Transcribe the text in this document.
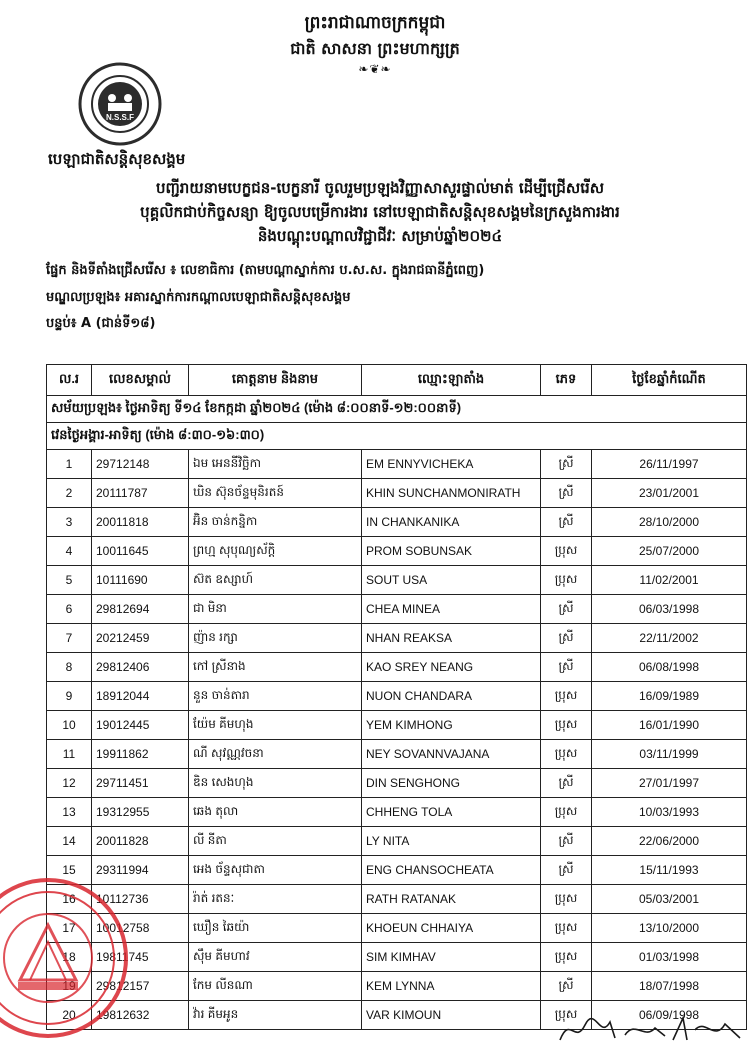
ព្រះរាជាណាចក្រកម្ពុជា
ជាតិ សាសនា ព្រះមហាក្សត្រ
❧❦❧
N.S.S.F
បេឡាជាតិសន្តិសុខសង្គម
បញ្ជីរាយនាមបេក្ខជន-បេក្ខនារី ចូលរួមប្រឡងវិញ្ញាសាសួរផ្ទាល់មាត់ ដើម្បីជ្រើសរើស
បុគ្គលិកជាប់កិច្ចសន្យា ឱ្យចូលបម្រើការងារ នៅបេឡាជាតិសន្តិសុខសង្គមនៃក្រសួងការងារ
និងបណ្តុះបណ្តាលវិជ្ជាជីវៈ សម្រាប់ឆ្នាំ២០២៤
ផ្នែក និងទីតាំងជ្រើសរើស ៖ លេខាធិការ (តាមបណ្តាស្នាក់ការ ប.ស.ស. ក្នុងរាជធានីភ្នំពេញ)
មណ្ឌលប្រឡង៖ អគារស្នាក់ការកណ្តាលបេឡាជាតិសន្តិសុខសង្គម
បន្ទប់៖ A (ជាន់ទី១៨)
ល.រ	លេខសម្គាល់	គោត្តនាម និងនាម	ឈ្មោះឡាតាំង	ភេទ	ថ្ងៃខែឆ្នាំកំណើត
សម័យប្រឡង៖ ថ្ងៃអាទិត្យ ទី១៤ ខែកក្កដា ឆ្នាំ២០២៤ (ម៉ោង ៨:០០នាទី-១២:០០នាទី)					
វេនថ្ងៃអង្គារ-អាទិត្យ (ម៉ោង ៨:៣០-១៦:៣០)					
1	29712148	ឯម អេននីវិច្ឆិកា	EM ENNYVICHEKA	ស្រី	26/11/1997
2	20111787	ឃិន ស៊ុនច័ន្ទមុនិរតន៍	KHIN SUNCHANMONIRATH	ស្រី	23/01/2001
3	20011818	អ៊ិន ចាន់កន្និកា	IN CHANKANIKA	ស្រី	28/10/2000
4	10011645	ព្រហ្ម សុបុណ្យស័ក្តិ	PROM SOBUNSAK	ប្រុស	25/07/2000
5	10111690	ស៊ត ឧស្សាហ៍	SOUT USA	ប្រុស	11/02/2001
6	29812694	ជា មិនា	CHEA MINEA	ស្រី	06/03/1998
7	20212459	ញ៉ាន រក្សា	NHAN REAKSA	ស្រី	22/11/2002
8	29812406	កៅ ស្រីនាង	KAO SREY NEANG	ស្រី	06/08/1998
9	18912044	នួន ចាន់តារា	NUON CHANDARA	ប្រុស	16/09/1989
10	19012445	យ៉ែម គីមហុង	YEM KIMHONG	ប្រុស	16/01/1990
11	19911862	ណី សុវណ្ណវចនា	NEY SOVANNVAJANA	ប្រុស	03/11/1999
12	29711451	ឌិន សេងហុង	DIN SENGHONG	ស្រី	27/01/1997
13	19312955	ឆេង តុលា	CHHENG TOLA	ប្រុស	10/03/1993
14	20011828	លី នីតា	LY NITA	ស្រី	22/06/2000
15	29311994	អេង ច័ន្ទសុជាតា	ENG CHANSOCHEATA	ស្រី	15/11/1993
16	10112736	រ៉ាត់ រតនៈ	RATH RATANAK	ប្រុស	05/03/2001
17	10012758	ឃឿន ឆៃយ៉ា	KHOEUN CHHAIYA	ប្រុស	13/10/2000
18	19811745	ស៊ឹម គីមហាវ	SIM KIMHAV	ប្រុស	01/03/1998
	29812157	កែម លីនណា	KEM LYNNA	ស្រី	18/07/1998
20	19812632	វ៉ារ គីមអូន	VAR KIMOUN	ប្រុស	06/09/1998
